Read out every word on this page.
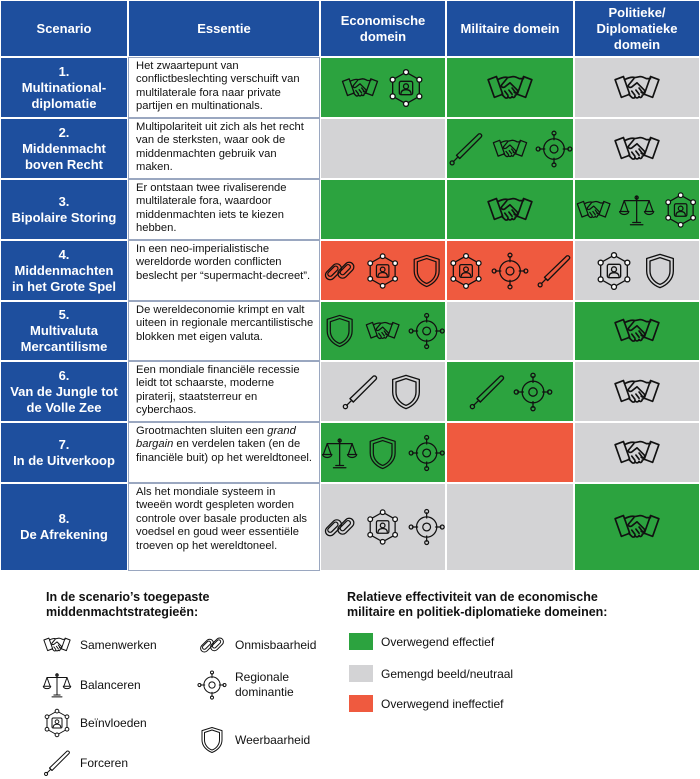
Scenario	Essentie
Economische domein
Militaire domein
Politieke/ Diplomatieke domein
1.
Multinational-
diplomatie
Het zwaartepunt van conflictbeslechting verschuift van multilaterale fora naar private partijen en multinationals.
2.
Middenmacht
boven Recht
Multipolariteit uit zich als het recht van de sterksten, waar ook de middenmachten gebruik van maken.
3.
Bipolaire Storing
Er ontstaan twee rivaliserende multilaterale fora, waardoor middenmachten iets te kiezen hebben.
4.
Middenmachten
in het Grote Spel
In een neo-imperialistische wereldorde worden conflicten beslecht per “supermacht-decreet”.
5.
Multivaluta
Mercantilisme
De wereldeconomie krimpt en valt uiteen in regionale mercantilistische blokken met eigen valuta.
6.
Van de Jungle tot
de Volle Zee
Een mondiale financiële recessie leidt tot schaarste, moderne piraterij, staatsterreur en cyberchaos.
7.
In de Uitverkoop
Grootmachten sluiten een grand bargain en verdelen taken (en de financiële buit) op het wereldtoneel.
8.
De Afrekening
Als het mondiale systeem in tweeën wordt gespleten worden controle over basale producten als voedsel en goud weer essentiële troeven op het wereldtoneel.
In de scenario’s toegepaste middenmachtstrategieën:
Relatieve effectiviteit van de economische militaire en politiek-diplomatieke domeinen:
Samenwerken
Balanceren
Beïnvloeden
Forceren
Onmisbaarheid
Regionale dominantie
Weerbaarheid
Overwegend effectief
Gemengd beeld/neutraal
Overwegend ineffectief
